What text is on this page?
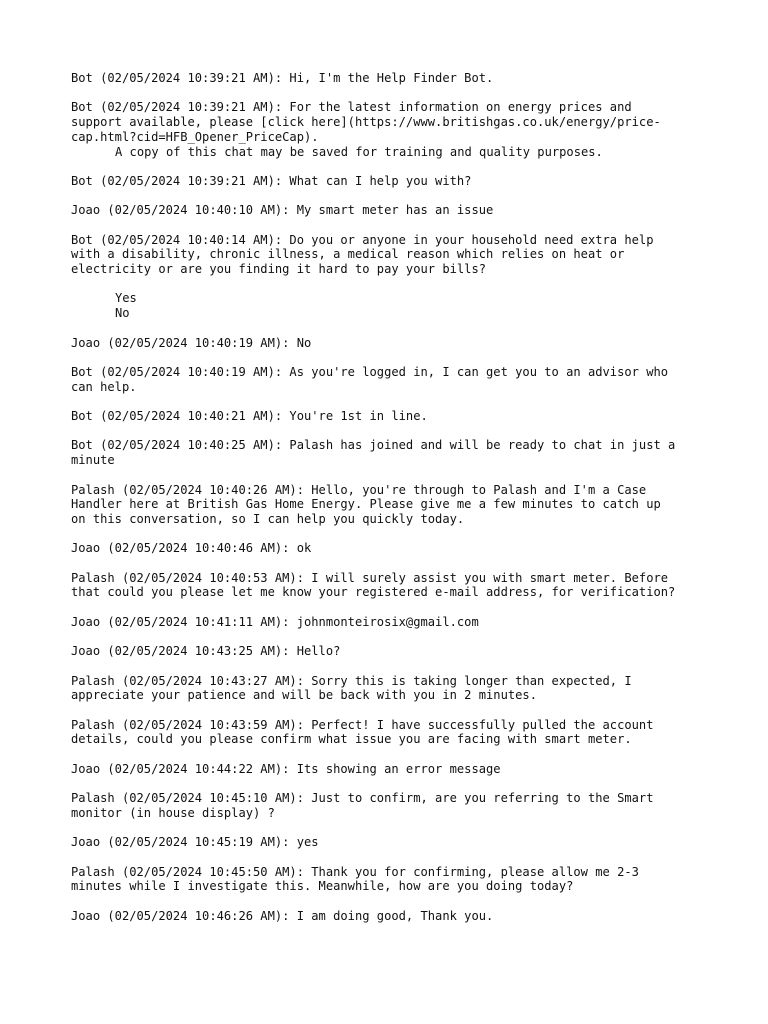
Bot (02/05/2024 10:39:21 AM): Hi, I'm the Help Finder Bot.
Bot (02/05/2024 10:39:21 AM): For the latest information on energy prices and
support available, please [click here](https://www.britishgas.co.uk/energy/price-
cap.html?cid=HFB_Opener_PriceCap).
A copy of this chat may be saved for training and quality purposes.
Bot (02/05/2024 10:39:21 AM): What can I help you with?
Joao (02/05/2024 10:40:10 AM): My smart meter has an issue
Bot (02/05/2024 10:40:14 AM): Do you or anyone in your household need extra help
with a disability, chronic illness, a medical reason which relies on heat or
electricity or are you finding it hard to pay your bills?
Yes
No
Joao (02/05/2024 10:40:19 AM): No
Bot (02/05/2024 10:40:19 AM): As you're logged in, I can get you to an advisor who
can help.
Bot (02/05/2024 10:40:21 AM): You're 1st in line.
Bot (02/05/2024 10:40:25 AM): Palash has joined and will be ready to chat in just a
minute
Palash (02/05/2024 10:40:26 AM): Hello, you're through to Palash and I'm a Case
Handler here at British Gas Home Energy. Please give me a few minutes to catch up
on this conversation, so I can help you quickly today.
Joao (02/05/2024 10:40:46 AM): ok
Palash (02/05/2024 10:40:53 AM): I will surely assist you with smart meter. Before
that could you please let me know your registered e-mail address, for verification?
Joao (02/05/2024 10:41:11 AM): johnmonteirosix@gmail.com
Joao (02/05/2024 10:43:25 AM): Hello?
Palash (02/05/2024 10:43:27 AM): Sorry this is taking longer than expected, I
appreciate your patience and will be back with you in 2 minutes.
Palash (02/05/2024 10:43:59 AM): Perfect! I have successfully pulled the account
details, could you please confirm what issue you are facing with smart meter.
Joao (02/05/2024 10:44:22 AM): Its showing an error message
Palash (02/05/2024 10:45:10 AM): Just to confirm, are you referring to the Smart
monitor (in house display) ?
Joao (02/05/2024 10:45:19 AM): yes
Palash (02/05/2024 10:45:50 AM): Thank you for confirming, please allow me 2-3
minutes while I investigate this. Meanwhile, how are you doing today?
Joao (02/05/2024 10:46:26 AM): I am doing good, Thank you.
